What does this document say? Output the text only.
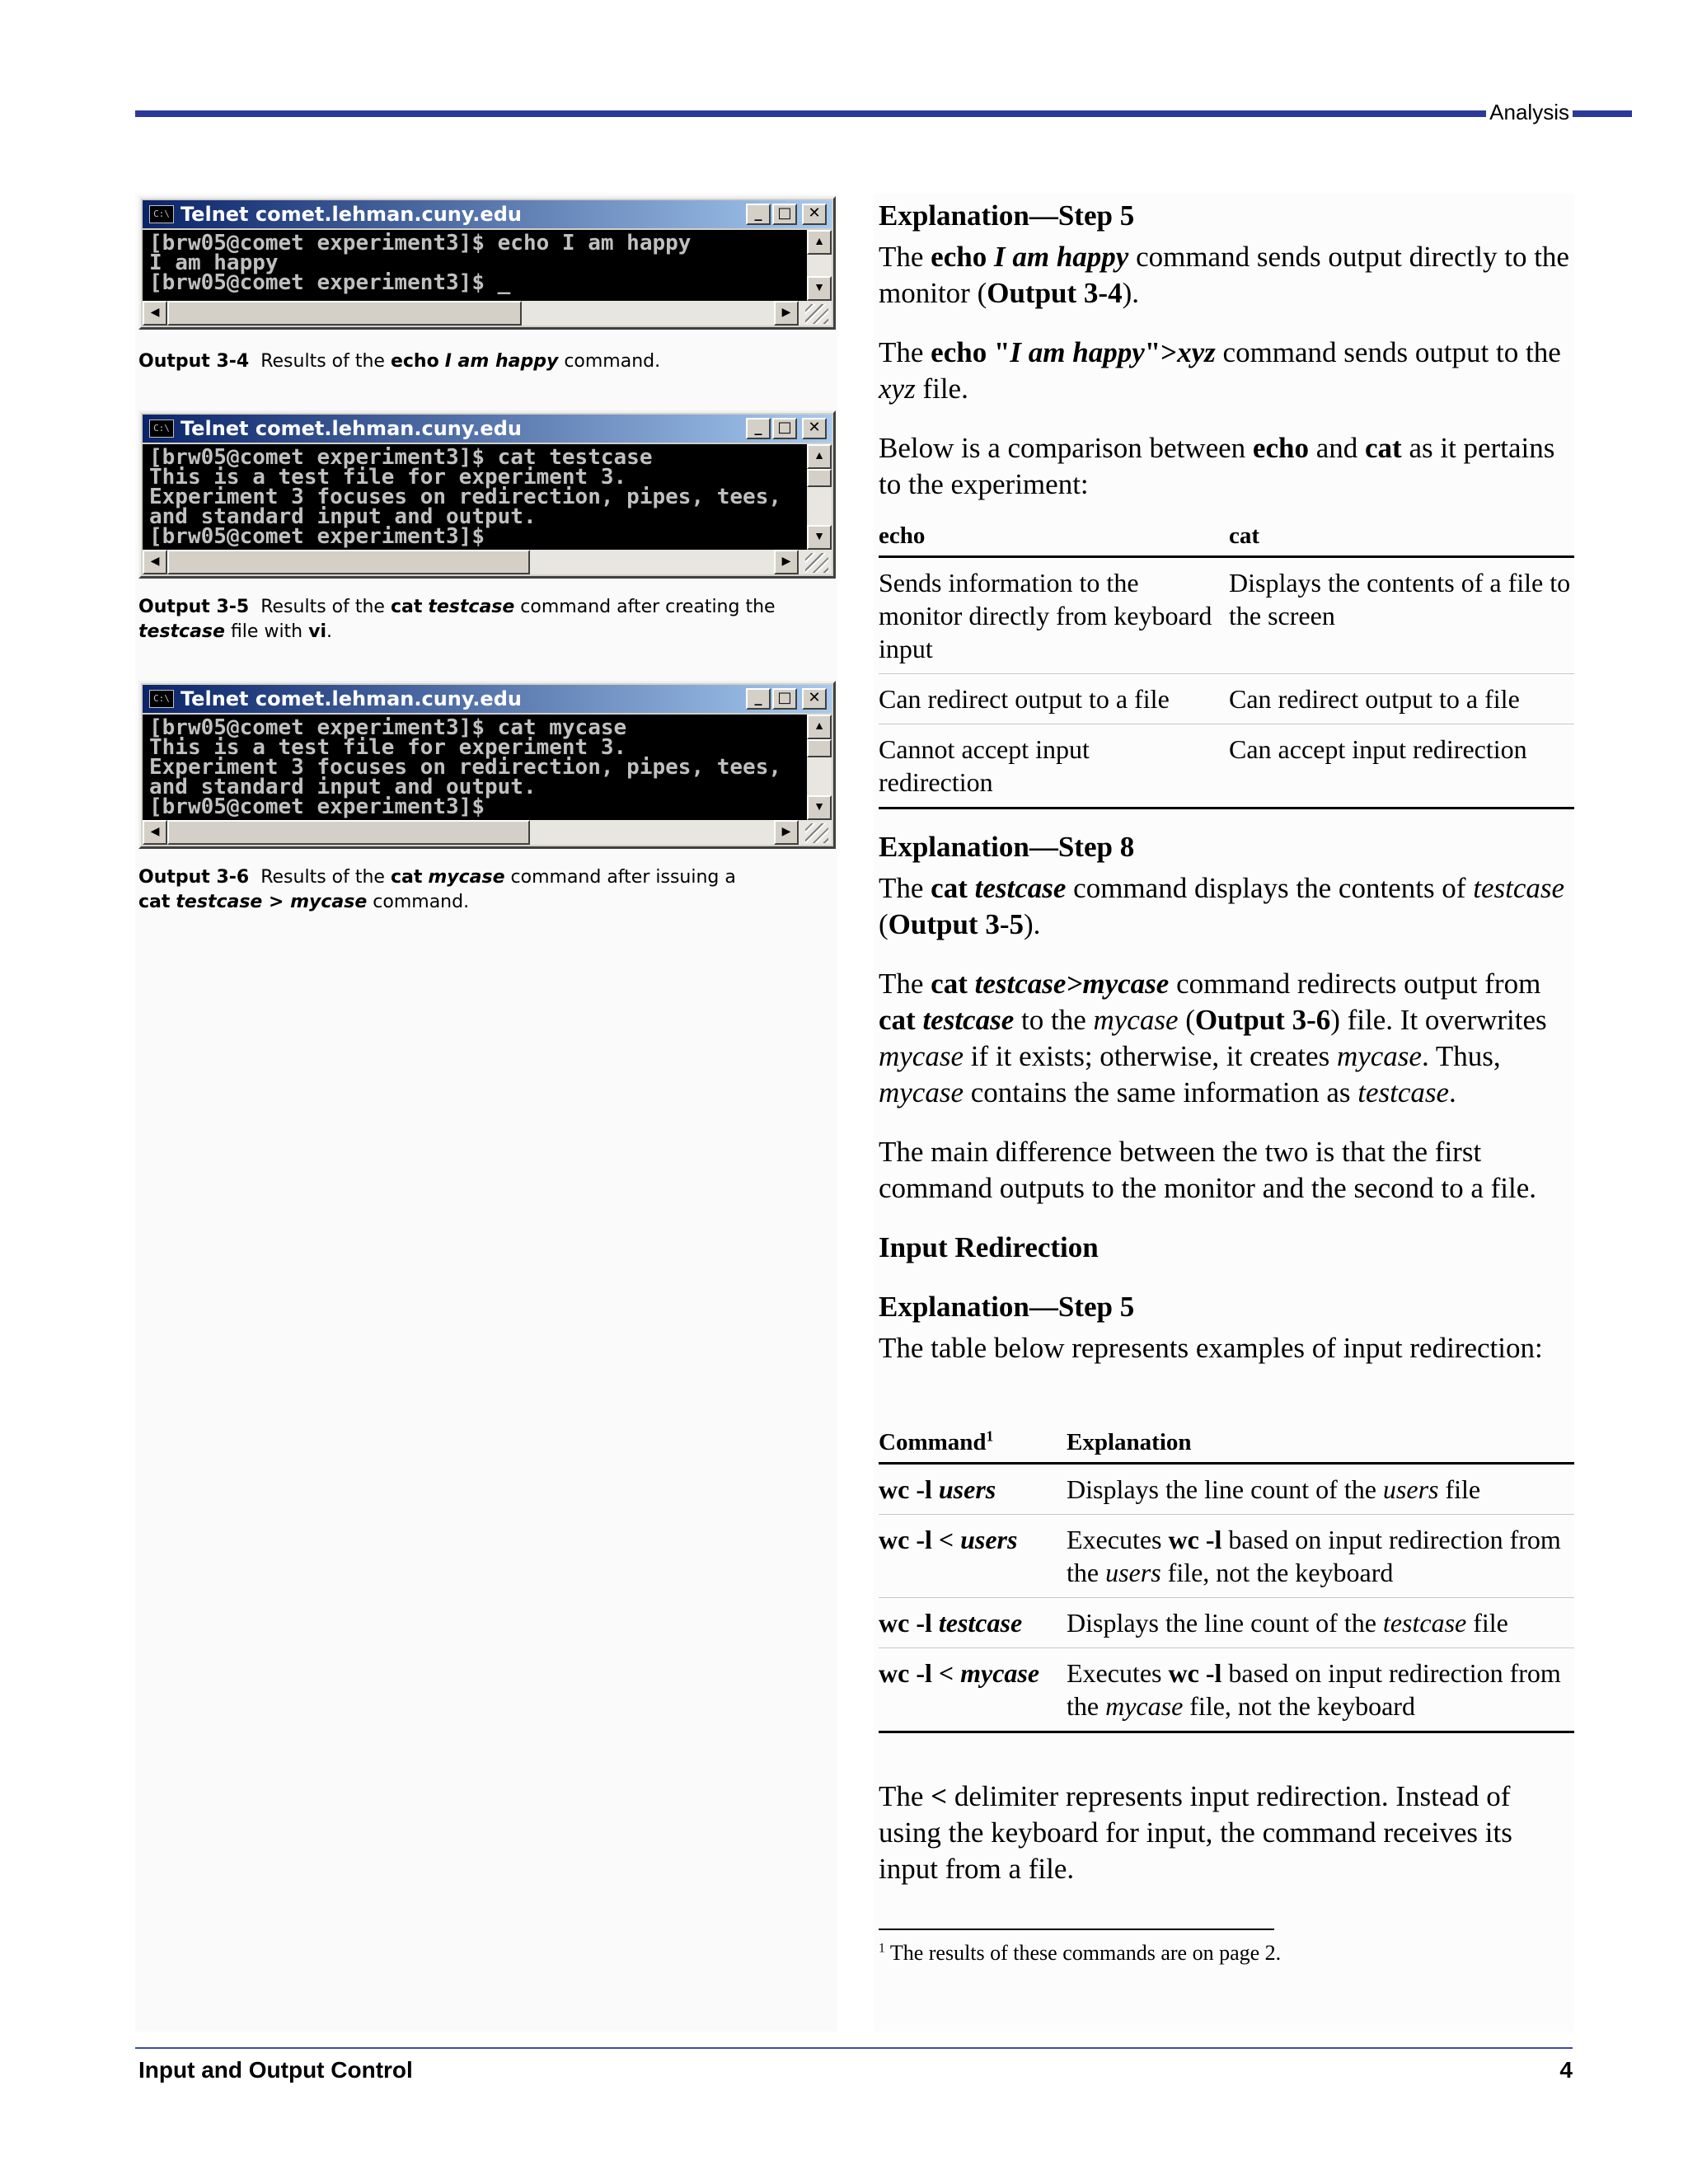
Analysis
C:\ Telnet comet.lehman.cuny.edu	_	□	✕
[brw05@comet experiment3]$ echo I am happy
I am happy
[brw05@comet experiment3]$ _
▲
▼
◀	▶
Output 3-4 Results of the echo I am happy command.
C:\ Telnet comet.lehman.cuny.edu	_	□	✕
[brw05@comet experiment3]$ cat testcase
This is a test file for experiment 3.
Experiment 3 focuses on redirection, pipes, tees,
and standard input and output.
[brw05@comet experiment3]$
▲
▼
◀	▶
Output 3-5 Results of the cat testcase command after creating the
testcase file with vi.
C:\ Telnet comet.lehman.cuny.edu	_	□	✕
[brw05@comet experiment3]$ cat mycase
This is a test file for experiment 3.
Experiment 3 focuses on redirection, pipes, tees,
and standard input and output.
[brw05@comet experiment3]$
▲
▼
◀	▶
Output 3-6 Results of the cat mycase command after issuing a
cat testcase > mycase command.

Explanation—Step 5

The echo I am happy command sends output directly to the monitor (Output 3-4).

The echo "I am happy">xyz command sends output to the xyz file.

Below is a comparison between echo and cat as it pertains to the experiment:

echo	cat
Sends information to the monitor directly from keyboard input	Displays the contents of a file to the screen
Can redirect output to a file	Can redirect output to a file
Cannot accept input redirection	Can accept input redirection

Explanation—Step 8

The cat testcase command displays the contents of testcase (Output 3-5).

The cat testcase>mycase command redirects output from cat testcase to the mycase (Output 3-6) file. It overwrites mycase if it exists; otherwise, it creates mycase. Thus, mycase contains the same information as testcase.

The main difference between the two is that the first command outputs to the monitor and the second to a file.

Input Redirection

Explanation—Step 5

The table below represents examples of input redirection:

Command$^1$	Explanation
wc -l users	Displays the line count of the users file
wc -l < users	Executes wc -l based on input redirection from the users file, not the keyboard
wc -l testcase	Displays the line count of the testcase file
wc -l < mycase	Executes wc -l based on input redirection from the mycase file, not the keyboard

The < delimiter represents input redirection. Instead of using the keyboard for input, the command receives its input from a file.

$^1$ The results of these commands are on page 2.
Input and Output Control	4
